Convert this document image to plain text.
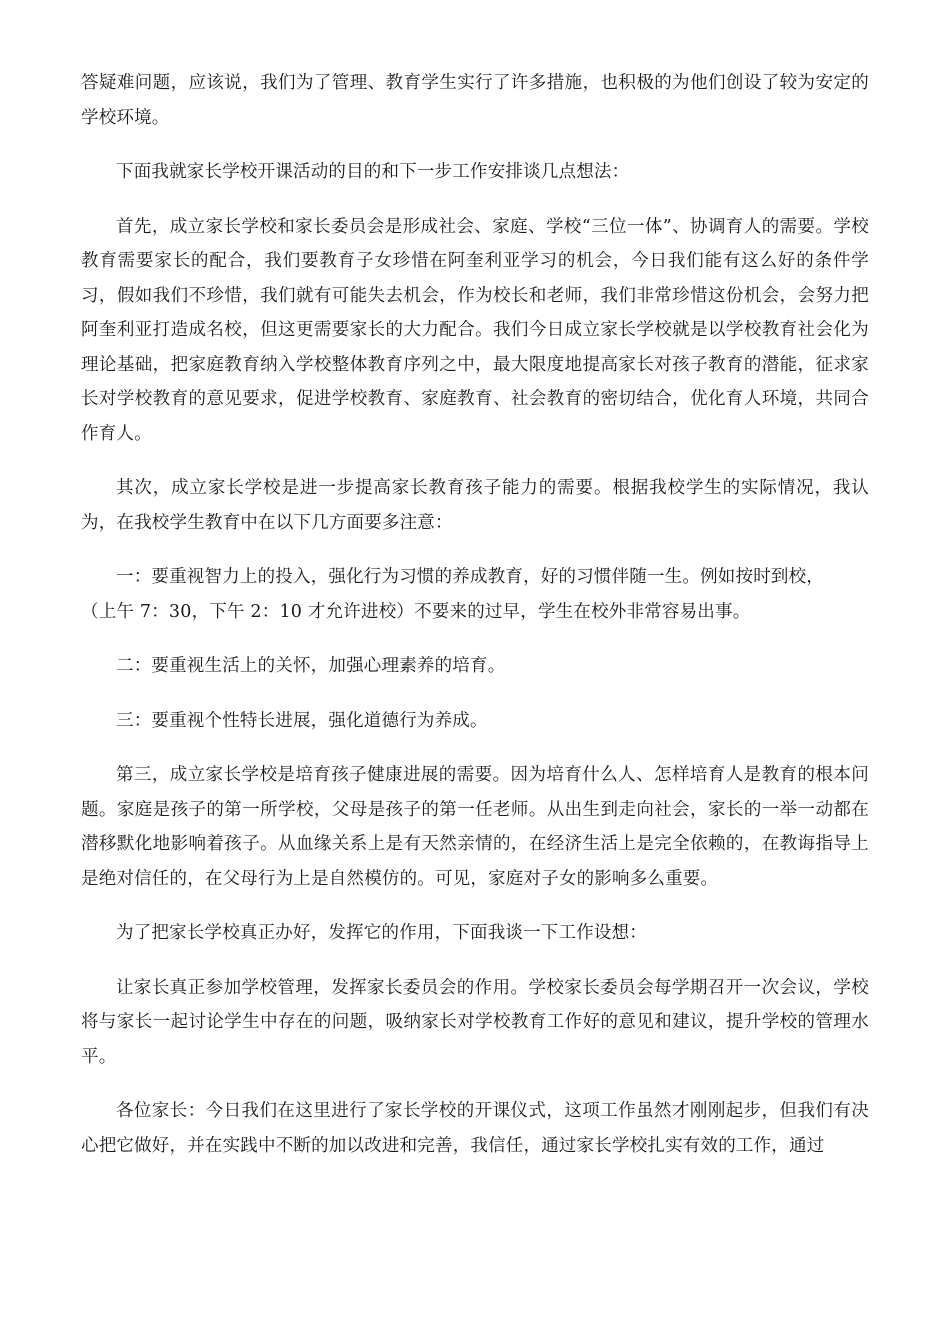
答疑难问题，应该说，我们为了管理、教育学生实行了许多措施，也积极的为他们创设了较为安定的学校环境。

下面我就家长学校开课活动的目的和下一步工作安排谈几点想法：

首先，成立家长学校和家长委员会是形成社会、家庭、学校“三位一体”、协调育人的需要。学校教育需要家长的配合，我们要教育子女珍惜在阿奎利亚学习的机会，今日我们能有这么好的条件学习，假如我们不珍惜，我们就有可能失去机会，作为校长和老师，我们非常珍惜这份机会，会努力把阿奎利亚打造成名校，但这更需要家长的大力配合。我们今日成立家长学校就是以学校教育社会化为理论基础，把家庭教育纳入学校整体教育序列之中，最大限度地提高家长对孩子教育的潜能，征求家长对学校教育的意见要求，促进学校教育、家庭教育、社会教育的密切结合，优化育人环境，共同合作育人。

其次，成立家长学校是进一步提高家长教育孩子能力的需要。根据我校学生的实际情况，我认为，在我校学生教育中在以下几方面要多注意：

一：要重视智力上的投入，强化行为习惯的养成教育，好的习惯伴随一生。例如按时到校，

（上午 7：30，下午 2：10 才允许进校）不要来的过早，学生在校外非常容易出事。

二：要重视生活上的关怀，加强心理素养的培育。

三：要重视个性特长进展，强化道德行为养成。

第三，成立家长学校是培育孩子健康进展的需要。因为培育什么人、怎样培育人是教育的根本问题。家庭是孩子的第一所学校，父母是孩子的第一任老师。从出生到走向社会，家长的一举一动都在潜移默化地影响着孩子。从血缘关系上是有天然亲情的，在经济生活上是完全依赖的，在教诲指导上是绝对信任的，在父母行为上是自然模仿的。可见，家庭对子女的影响多么重要。

为了把家长学校真正办好，发挥它的作用，下面我谈一下工作设想：

让家长真正参加学校管理，发挥家长委员会的作用。学校家长委员会每学期召开一次会议，学校将与家长一起讨论学生中存在的问题，吸纳家长对学校教育工作好的意见和建议，提升学校的管理水平。

各位家长：今日我们在这里进行了家长学校的开课仪式，这项工作虽然才刚刚起步，但我们有决心把它做好，并在实践中不断的加以改进和完善，我信任，通过家长学校扎实有效的工作，通过
